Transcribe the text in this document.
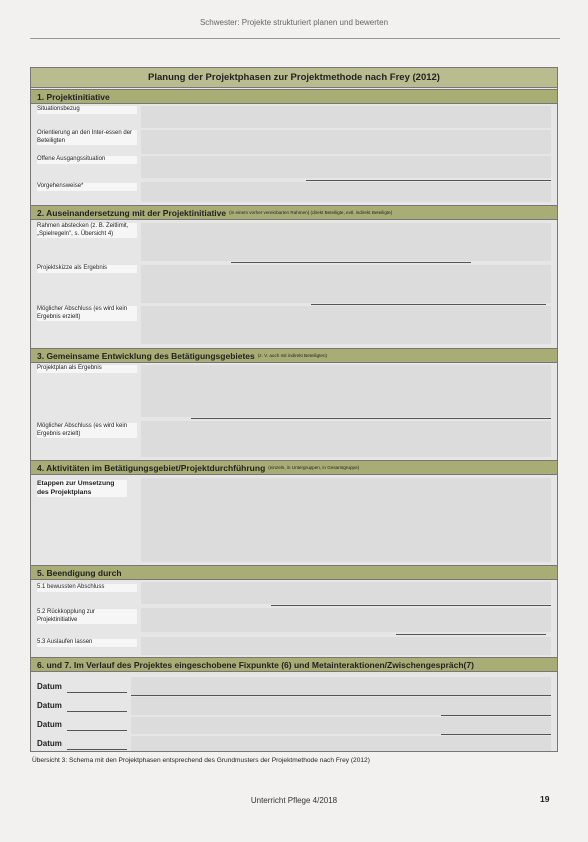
Schwester: Projekte strukturiert planen und bewerten
Planung der Projektphasen zur Projektmethode nach Frey (2012)
1. Projektinitiative
Situationsbezug
Orientierung an den Inter-essen der Beteiligten
Offene Ausgangssituation
Vorgehensweise*
2. Auseinandersetzung mit der Projektinitiative (in einem vorher vereinbarten Rahmen) (direkt Beteiligte, evtl. indirekt Beteiligte)
Rahmen abstecken (z. B. Zeitlimit, „Spielregeln", s. Übersicht 4)
Projektskizze als Ergebnis
Möglicher Abschluss (es wird kein Ergebnis erzielt)
3. Gemeinsame Entwicklung des Betätigungsgebietes (z. V. auch mit indirekt Beteiligten)
Projektplan als Ergebnis
Möglicher Abschluss (es wird kein Ergebnis erzielt)
4. Aktivitäten im Betätigungsgebiet/Projektdurchführung (einzeln, in Untergruppen, in Gesamtgruppe)
Etappen zur Umsetzung des Projektplans
5. Beendigung durch
5.1 bewussten Abschluss
5.2 Rückkopplung zur Projektinitiative
5.3 Auslaufen lassen
6. und 7. Im Verlauf des Projektes eingeschobene Fixpunkte (6) und Metainteraktionen/Zwischengespräch(7)
Datum
Datum
Datum
Datum
Übersicht 3: Schema mit den Projektphasen entsprechend des Grundmusters der Projektmethode nach Frey (2012)
Unterricht Pflege 4/2018	19
